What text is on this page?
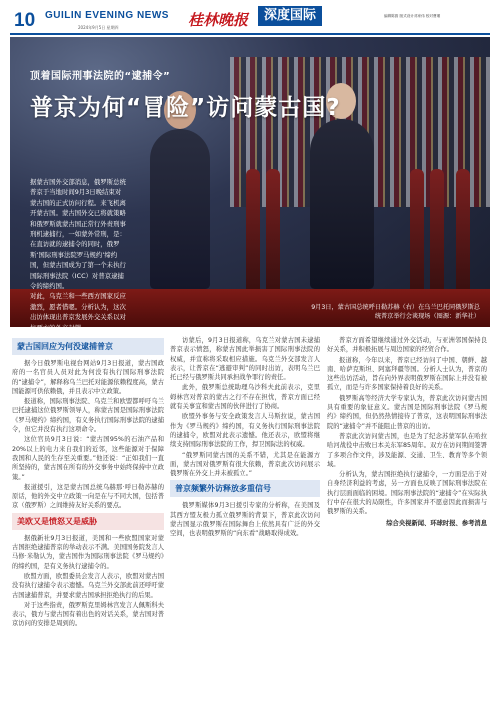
10 GUILIN EVENING NEWS
2024年9月5日 星期四	桂林晚报	深度国际	编辑陈蔚 版式设计邓家伟 校对曹瑾
顶着国际刑事法院的“逮捕令”
普京为何“冒险”访问蒙古国?
据蒙古国外交部消息，俄罗斯总统普京于当地时间9月3日晚结束对蒙古国的正式访问行程。来飞机离开蒙古国。蒙古国外交已将就策略和俄罗斯就蒙古国正常行外责刑事刑机逮捕行，一如蒙外常刑，是：在直访就的逮捕令的同时，俄罗斯‘国际刑事法院罗马规约’缔约国，但蒙古国成为了第一个未执行国际刑事法院（ICC）对普京逮捕令的缔约国。
对此，乌克兰和一些西方国家反应激烈，愿者惜嗯。分析认为，这次出访体现出普京发展外交关系以对抗西方的外交封锁。
9月3日，蒙古国总统呼日勒苏赫（右）在乌兰巴托同俄罗斯总统普京举行会谈现场（图源：新华社）
蒙古国回应为何没逮捕普京

据今日俄罗斯电视台网站9月3日报道，蒙古国政府的一名官员人员对此为何没有执行国际刑事法院的“逮捕令”，解释称乌兰巴托对能源依赖程度高，蒙古国能源可供依赖俄，并且表示中立政策。

报道称，国际刑事法院、乌克兰和欧盟都呼吁乌兰巴托逮捕这位俄罗斯领导人，称蒙古国是国际刑事法院《罗马规约》缔约国，有义务执行国际刑事法院的逮捕令，但它并没有执行这项命令。

这位官员9月3日说：“蒙古国95%的石油产品和20%以上的电力来自我们的近邻，这些能源对于保障我国和人民的生存至关重要。”他还说：“正如我们一直所坚持的，蒙古国在所有的外交事务中始终保持中立政策。”

报道援引，这是蒙古国总统乌赫那·呼日勒苏赫的原话，他的外交中立政策一向是在与不同大国，包括普京（俄罗斯）之间维持友好关系的要点。

美欧又是愤怒又是威胁

据俄新社9月3日报道，美国和一些欧盟国家对蒙古国拒绝逮捕普京的举动表示不满。美国国务院发言人马修·米勒认为，蒙古国作为国际刑事法院《罗马规约》的缔约国，是有义务执行逮捕令的。

欧盟方面，欧盟委员会发言人表示，欧盟对蒙古国没有执行逮捕令表示遗憾。乌克兰外交部此前还呼吁蒙古国逮捕普京，并要求蒙古国承担拒绝执行的后果。

对于这些指责，俄罗斯克里姆林宫发言人佩斯科夫表示，俄方与蒙古国有着出色的对话关系，蒙古国对普京访问的安排是周到的。

访蒙后，9月3日报道称，乌克兰对蒙古国未逮捕普京表示愤怒，称蒙古国此举损害了国际刑事法院的权威，并宣称将采取相应措施。乌克兰外交部发言人表示，让普京在“逃避审判”的同时出访，表明乌兰巴托已经与俄罗斯共同承担战争罪行的责任。

此外，俄罗斯总统助理乌沙科夫此前表示，克里姆林宫对普京的蒙古之行不存在担忧，普京方面已经就有关事宜和蒙古国的伙伴进行了协商。

欧盟外事务与安全政策发言人马斯拉说，蒙古国作为《罗马规约》缔约国，有义务执行国际刑事法院的逮捕令，欧盟对此表示遗憾。他还表示，欧盟将继续支持国际刑事法院的工作，捍卫国际法的权威。

“俄罗斯同蒙古国的关系不错，尤其是在能源方面，蒙古国对俄罗斯有很大依赖，普京此次访问展示俄罗斯在外交上并未被孤立。”

普京频繁外访释放多重信号

俄罗斯媒体9月3日援引专家的分析称，在美国及其西方盟友极力孤立俄罗斯的背景下，普京此次访问蒙古国显示俄罗斯在国际舞台上依然具有广泛的外交空间，也表明俄罗斯的“向东看”战略取得成效。

普京方面希望继续通过外交活动，与亚洲邻国保持良好关系，并积极拓展与周边国家的经贸合作。

报道称，今年以来，普京已经访问了中国、朝鲜、越南、哈萨克斯坦、阿塞拜疆等国。分析人士认为，普京的这些出访活动，旨在向外界表明俄罗斯在国际上并没有被孤立，而是与许多国家保持着良好的关系。

俄罗斯高等经济大学专家认为，普京此次访问蒙古国具有重要的象征意义。蒙古国是国际刑事法院《罗马规约》缔约国，但仍然热情接待了普京，这表明国际刑事法院的“逮捕令”并不能阻止普京的出访。

普京此次访问蒙古国，也是为了纪念苏蒙军队在哈拉哈河战役中击败日本关东军85周年。双方在访问期间签署了多项合作文件，涉及能源、交通、卫生、教育等多个领域。

分析认为，蒙古国拒绝执行逮捕令，一方面是出于对自身经济利益的考虑，另一方面也反映了国际刑事法院在执行层面面临的困境。国际刑事法院的“逮捕令”在实际执行中存在很大的局限性，许多国家并不愿意因此而损害与俄罗斯的关系。

综合央视新闻、环球时报、参考消息
